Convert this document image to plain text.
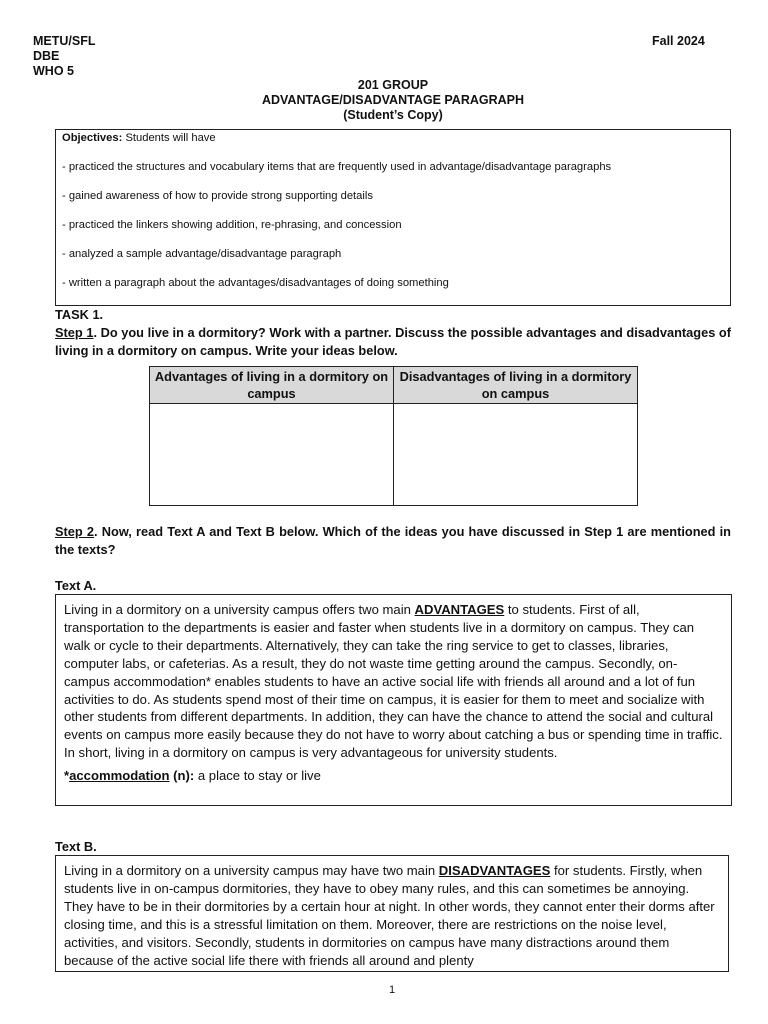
METU/SFL
DBE
WHO 5
Fall 2024
201 GROUP
ADVANTAGE/DISADVANTAGE PARAGRAPH
(Student’s Copy)

Objectives: Students will have

- practiced the structures and vocabulary items that are frequently used in advantage/disadvantage paragraphs

- gained awareness of how to provide strong supporting details

- practiced the linkers showing addition, re-phrasing, and concession

- analyzed a sample advantage/disadvantage paragraph

- written a paragraph about the advantages/disadvantages of doing something

TASK 1.
Step 1. Do you live in a dormitory? Work with a partner. Discuss the possible advantages and disadvantages of living in a dormitory on campus. Write your ideas below.
Advantages of living in a dormitory on campus	Disadvantages of living in a dormitory on campus

Step 2. Now, read Text A and Text B below. Which of the ideas you have discussed in Step 1 are mentioned in the texts?
Text A.

Living in a dormitory on a university campus offers two main ADVANTAGES to students. First of all, transportation to the departments is easier and faster when students live in a dormitory on campus. They can walk or cycle to their departments. Alternatively, they can take the ring service to get to classes, libraries, computer labs, or cafeterias. As a result, they do not waste time getting around the campus. Secondly, on-campus accommodation* enables students to have an active social life with friends all around and a lot of fun activities to do. As students spend most of their time on campus, it is easier for them to meet and socialize with other students from different departments. In addition, they can have the chance to attend the social and cultural events on campus more easily because they do not have to worry about catching a bus or spending time in traffic. In short, living in a dormitory on campus is very advantageous for university students.

*accommodation (n): a place to stay or live
Text B.

Living in a dormitory on a university campus may have two main DISADVANTAGES for students. Firstly, when students live in on-campus dormitories, they have to obey many rules, and this can sometimes be annoying. They have to be in their dormitories by a certain hour at night. In other words, they cannot enter their dorms after closing time, and this is a stressful limitation on them. Moreover, there are restrictions on the noise level, activities, and visitors. Secondly, students in dormitories on campus have many distractions around them because of the active social life there with friends all around and plenty

1
